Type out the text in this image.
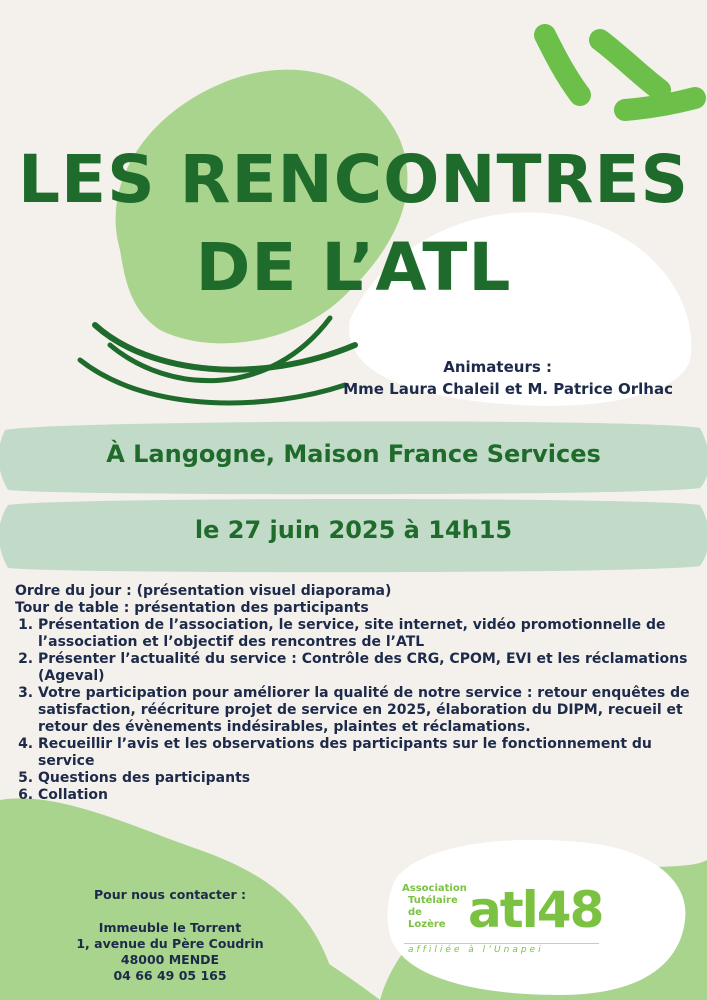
LES RENCONTRES
DE L’ATL
Animateurs :
Mme Laura Chaleil et M. Patrice Orlhac
À Langogne, Maison France Services
le 27 juin 2025 à 14h15

Ordre du jour : (présentation visuel diaporama)

Tour de table : présentation des participants

1. Présentation de l’association, le service, site internet, vidéo promotionnelle de l’association et l’objectif des rencontres de l’ATL
2. Présenter l’actualité du service : Contrôle des CRG, CPOM, EVI et les réclamations (Ageval)
3. Votre participation pour améliorer la qualité de notre service : retour enquêtes de satisfaction, réécriture projet de service en 2025, élaboration du DIPM, recueil et retour des évènements indésirables, plaintes et réclamations.
4. Recueillir l’avis et les observations des participants sur le fonctionnement du service
5. Questions des participants
6. Collation
Pour nous contacter :
Immeuble le Torrent
1, avenue du Père Coudrin
48000 MENDE
04 66 49 05 165
Association
Tutélaire de
Lozère atl48
affiliée à l’Unapei
